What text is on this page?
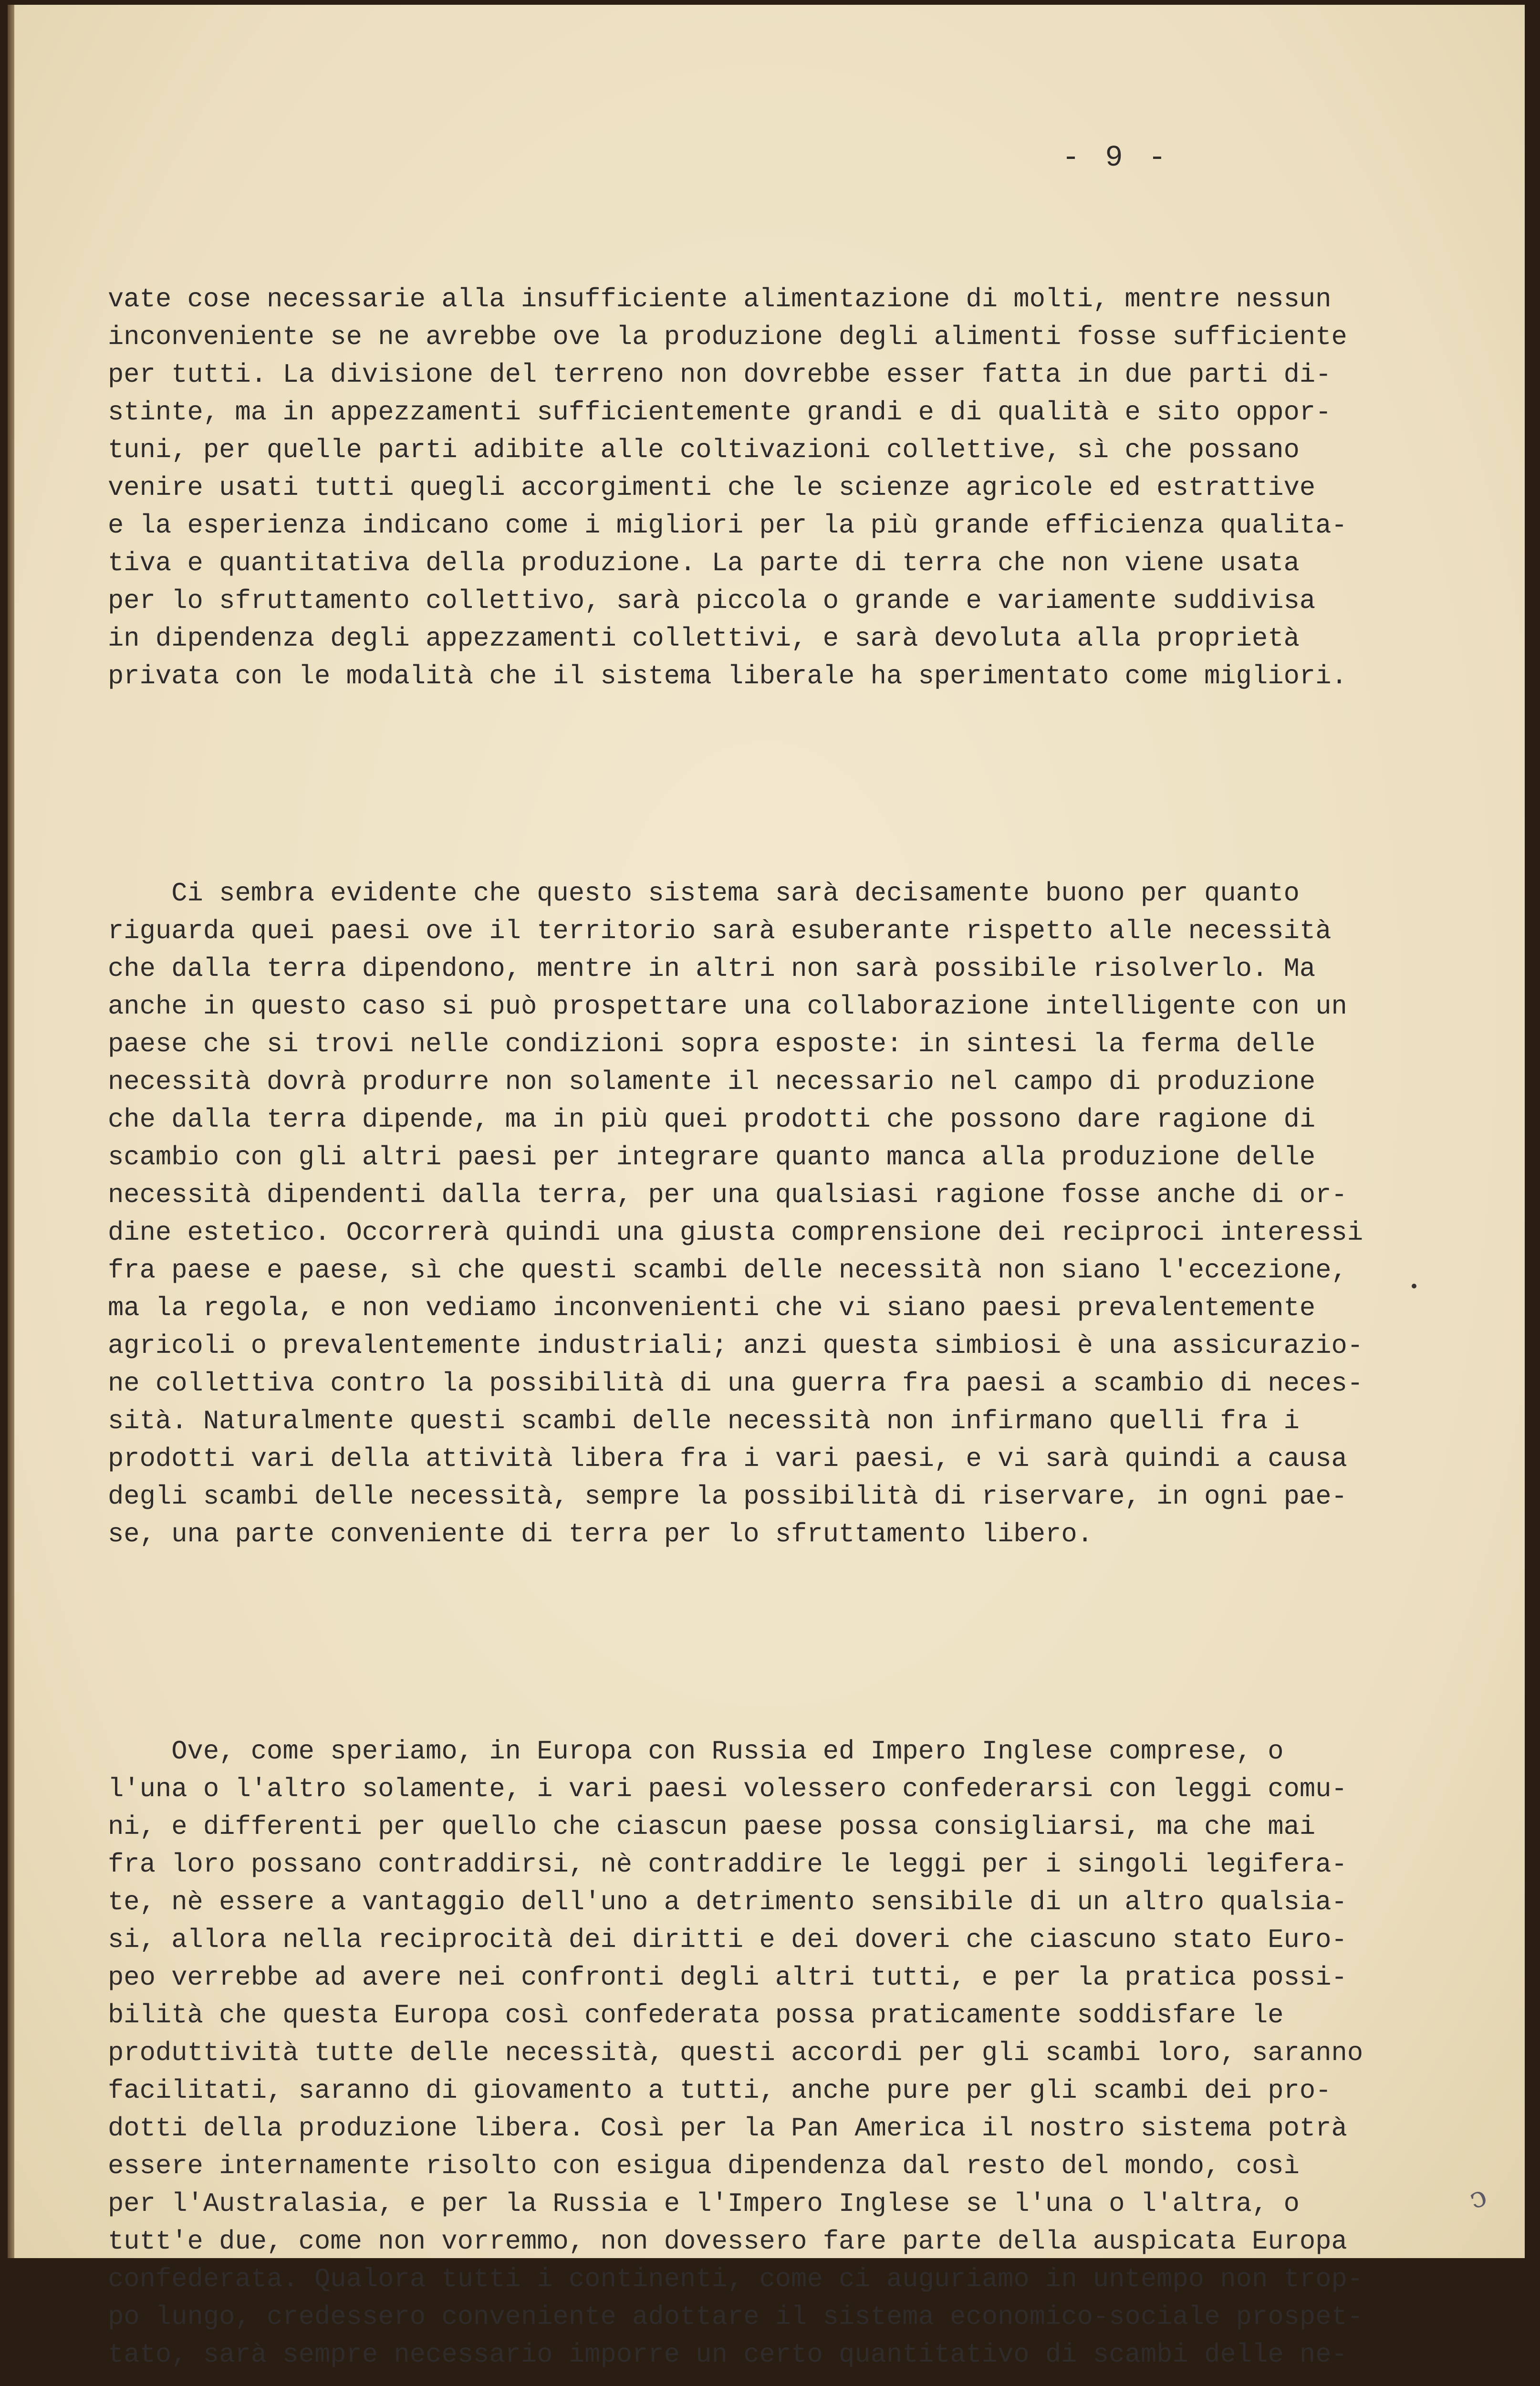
- 9 -

vate cose necessarie alla insufficiente alimentazione di molti, mentre nessun
inconveniente se ne avrebbe ove la produzione degli alimenti fosse sufficiente
per tutti. La divisione del terreno non dovrebbe esser fatta in due parti di-
stinte, ma in appezzamenti sufficientemente grandi e di qualità e sito oppor-
tuni, per quelle parti adibite alle coltivazioni collettive, sì che possano
venire usati tutti quegli accorgimenti che le scienze agricole ed estrattive
e la esperienza indicano come i migliori per la più grande efficienza qualita-
tiva e quantitativa della produzione. La parte di terra che non viene usata
per lo sfruttamento collettivo, sarà piccola o grande e variamente suddivisa
in dipendenza degli appezzamenti collettivi, e sarà devoluta alla proprietà
privata con le modalità che il sistema liberale ha sperimentato come migliori.

Ci sembra evidente che questo sistema sarà decisamente buono per quanto
riguarda quei paesi ove il territorio sarà esuberante rispetto alle necessità
che dalla terra dipendono, mentre in altri non sarà possibile risolverlo. Ma
anche in questo caso si può prospettare una collaborazione intelligente con un
paese che si trovi nelle condizioni sopra esposte: in sintesi la ferma delle
necessità dovrà produrre non solamente il necessario nel campo di produzione
che dalla terra dipende, ma in più quei prodotti che possono dare ragione di
scambio con gli altri paesi per integrare quanto manca alla produzione delle
necessità dipendenti dalla terra, per una qualsiasi ragione fosse anche di or-
dine estetico. Occorrerà quindi una giusta comprensione dei reciproci interessi
fra paese e paese, sì che questi scambi delle necessità non siano l'eccezione,
ma la regola, e non vediamo inconvenienti che vi siano paesi prevalentemente
agricoli o prevalentemente industriali; anzi questa simbiosi è una assicurazio-
ne collettiva contro la possibilità di una guerra fra paesi a scambio di neces-
sità. Naturalmente questi scambi delle necessità non infirmano quelli fra i
prodotti vari della attività libera fra i vari paesi, e vi sarà quindi a causa
degli scambi delle necessità, sempre la possibilità di riservare, in ogni pae-
se, una parte conveniente di terra per lo sfruttamento libero.

Ove, come speriamo, in Europa con Russia ed Impero Inglese comprese, o
l'una o l'altro solamente, i vari paesi volessero confederarsi con leggi comu-
ni, e differenti per quello che ciascun paese possa consigliarsi, ma che mai
fra loro possano contraddirsi, nè contraddire le leggi per i singoli legifera-
te, nè essere a vantaggio dell'uno a detrimento sensibile di un altro qualsia-
si, allora nella reciprocità dei diritti e dei doveri che ciascuno stato Euro-
peo verrebbe ad avere nei confronti degli altri tutti, e per la pratica possi-
bilità che questa Europa così confederata possa praticamente soddisfare le
produttività tutte delle necessità, questi accordi per gli scambi loro, saranno
facilitati, saranno di giovamento a tutti, anche pure per gli scambi dei pro-
dotti della produzione libera. Così per la Pan America il nostro sistema potrà
essere internamente risolto con esigua dipendenza dal resto del mondo, così
per l'Australasia, e per la Russia e l'Impero Inglese se l'una o l'altra, o
tutt'e due, come non vorremmo, non dovessero fare parte della auspicata Europa
confederata. Qualora tutti i continenti, come ci auguriamo in untempo non trop-
po lungo, credessero conveniente adottare il sistema economico-sociale prospet-
tato, sarà sempre necessario imporre un certo quantitativo di scambi delle ne-

ↄ
